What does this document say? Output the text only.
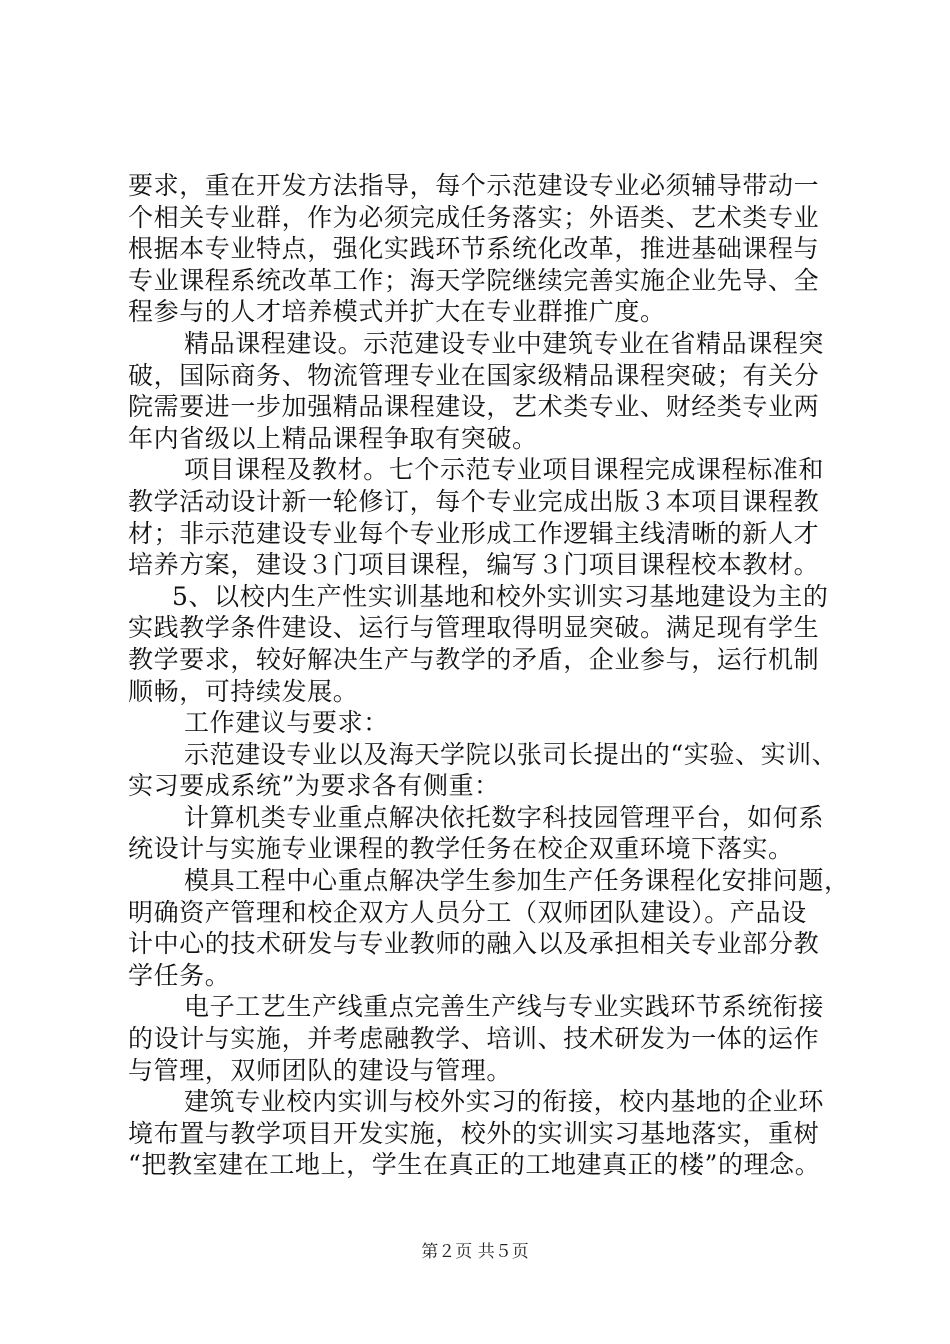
要求，重在开发方法指导，每个示范建设专业必须辅导带动一
个相关专业群，作为必须完成任务落实；外语类、艺术类专业
根据本专业特点，强化实践环节系统化改革，推进基础课程与
专业课程系统改革工作；海天学院继续完善实施企业先导、全
程参与的人才培养模式并扩大在专业群推广度。
精品课程建设。示范建设专业中建筑专业在省精品课程突
破，国际商务、物流管理专业在国家级精品课程突破；有关分
院需要进一步加强精品课程建设，艺术类专业、财经类专业两
年内省级以上精品课程争取有突破。
项目课程及教材。七个示范专业项目课程完成课程标准和
教学活动设计新一轮修订，每个专业完成出版３本项目课程教
材；非示范建设专业每个专业形成工作逻辑主线清晰的新人才
培养方案，建设３门项目课程，编写３门项目课程校本教材。
5、以校内生产性实训基地和校外实训实习基地建设为主的
实践教学条件建设、运行与管理取得明显突破。满足现有学生
教学要求，较好解决生产与教学的矛盾，企业参与，运行机制
顺畅，可持续发展。
工作建议与要求：
示范建设专业以及海天学院以张司长提出的“实验、实训、
实习要成系统”为要求各有侧重：
计算机类专业重点解决依托数字科技园管理平台，如何系
统设计与实施专业课程的教学任务在校企双重环境下落实。
模具工程中心重点解决学生参加生产任务课程化安排问题，
明确资产管理和校企双方人员分工（双师团队建设）。产品设
计中心的技术研发与专业教师的融入以及承担相关专业部分教
学任务。
电子工艺生产线重点完善生产线与专业实践环节系统衔接
的设计与实施，并考虑融教学、培训、技术研发为一体的运作
与管理，双师团队的建设与管理。
建筑专业校内实训与校外实习的衔接，校内基地的企业环
境布置与教学项目开发实施，校外的实训实习基地落实，重树
“把教室建在工地上，学生在真正的工地建真正的楼”的理念。
第２页 共５页
